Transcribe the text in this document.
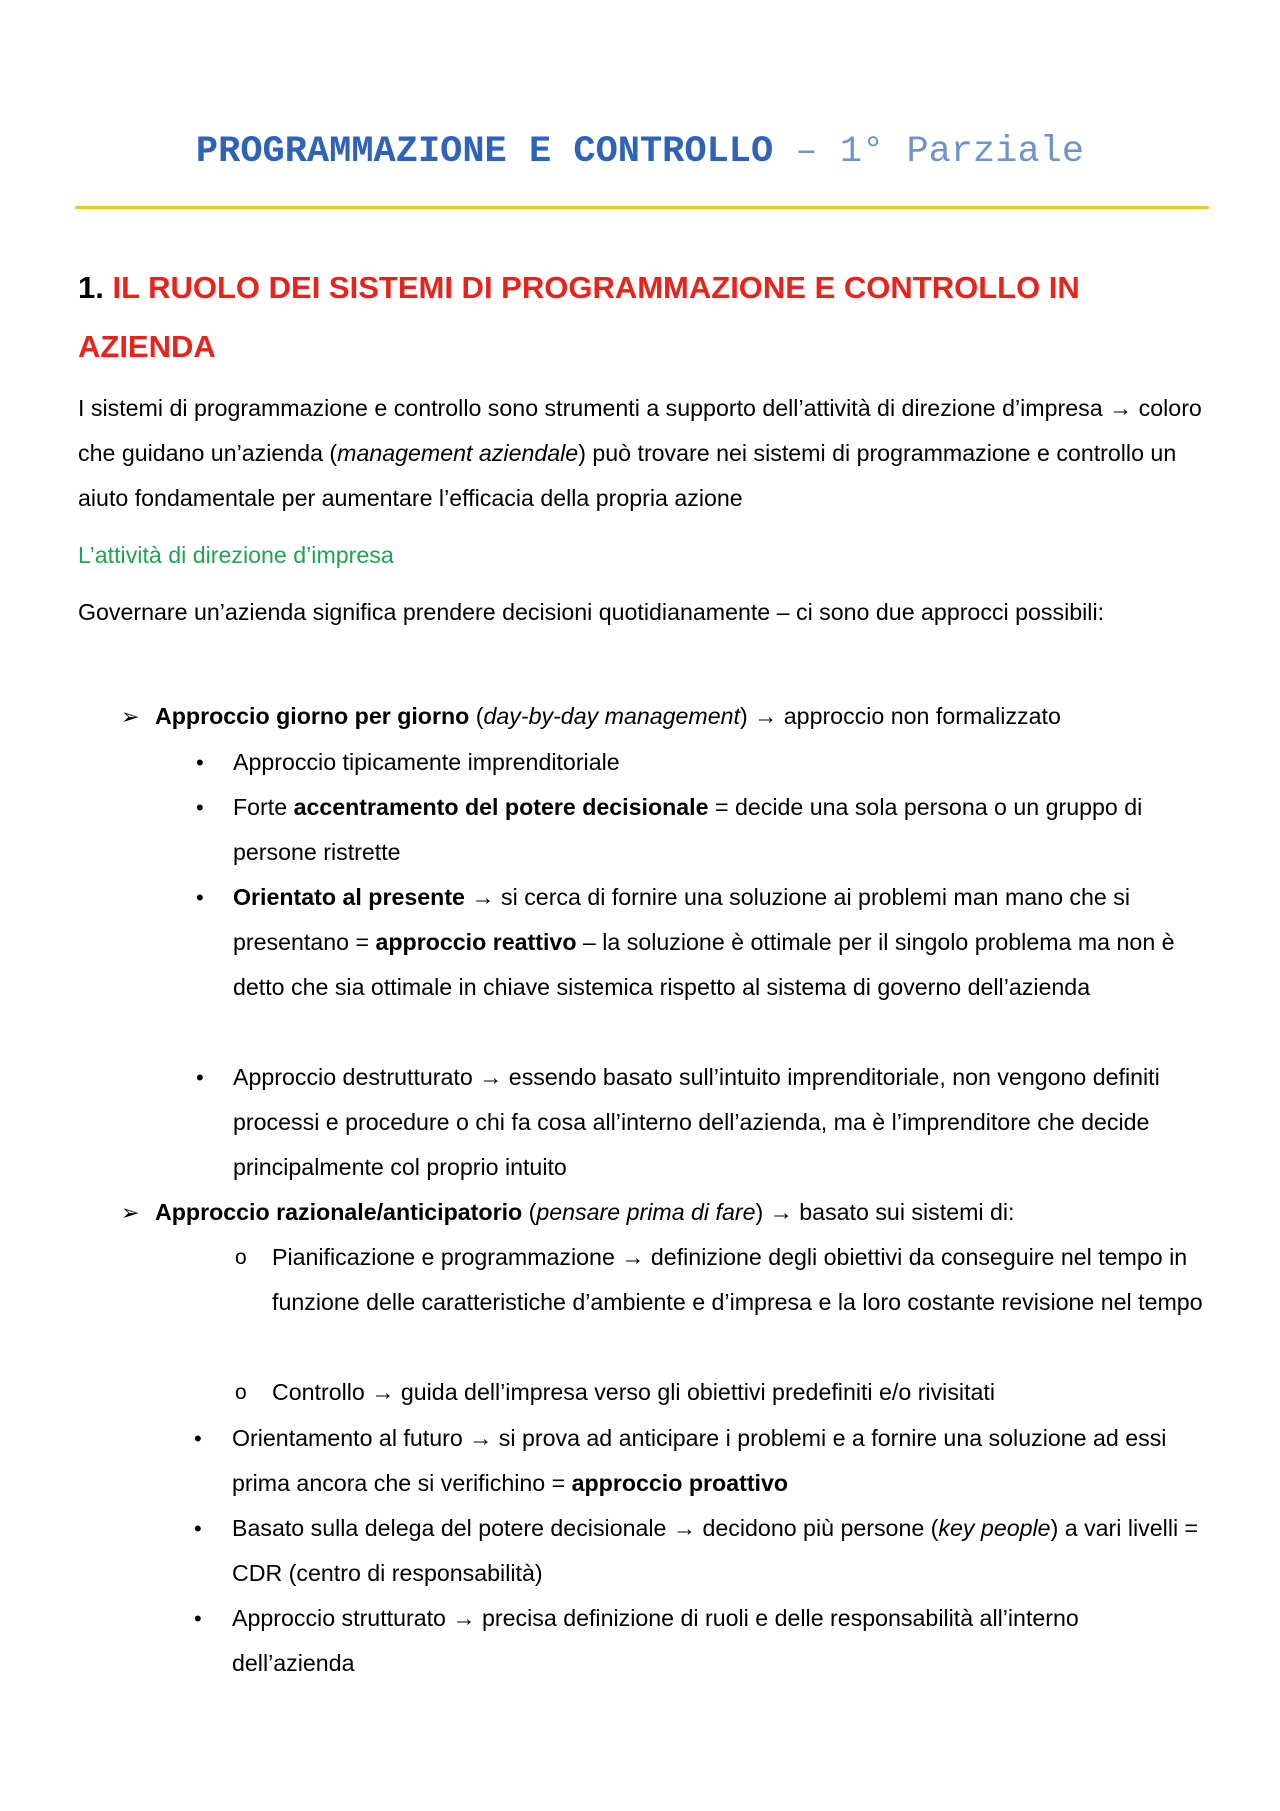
PROGRAMMAZIONE E CONTROLLO – 1° Parziale
1. IL RUOLO DEI SISTEMI DI PROGRAMMAZIONE E CONTROLLO IN AZIENDA
I sistemi di programmazione e controllo sono strumenti a supporto dell’attività di direzione d’impresa → coloro che guidano un’azienda (management aziendale) può trovare nei sistemi di programmazione e controllo un aiuto fondamentale per aumentare l’efficacia della propria azione
L’attività di direzione d’impresa
Governare un’azienda significa prendere decisioni quotidianamente – ci sono due approcci possibili:
➢ Approccio giorno per giorno (day-by-day management) → approccio non formalizzato
• Approccio tipicamente imprenditoriale
• Forte accentramento del potere decisionale = decide una sola persona o un gruppo di persone ristrette
• Orientato al presente → si cerca di fornire una soluzione ai problemi man mano che si presentano = approccio reattivo – la soluzione è ottimale per il singolo problema ma non è detto che sia ottimale in chiave sistemica rispetto al sistema di governo dell’azienda
• Approccio destrutturato → essendo basato sull’intuito imprenditoriale, non vengono definiti processi e procedure o chi fa cosa all’interno dell’azienda, ma è l’imprenditore che decide principalmente col proprio intuito
➢ Approccio razionale/anticipatorio (pensare prima di fare) → basato sui sistemi di:
o Pianificazione e programmazione → definizione degli obiettivi da conseguire nel tempo in funzione delle caratteristiche d’ambiente e d’impresa e la loro costante revisione nel tempo
o Controllo → guida dell’impresa verso gli obiettivi predefiniti e/o rivisitati
• Orientamento al futuro → si prova ad anticipare i problemi e a fornire una soluzione ad essi prima ancora che si verifichino = approccio proattivo
• Basato sulla delega del potere decisionale → decidono più persone (key people) a vari livelli = CDR (centro di responsabilità)
• Approccio strutturato → precisa definizione di ruoli e delle responsabilità all’interno dell’azienda
